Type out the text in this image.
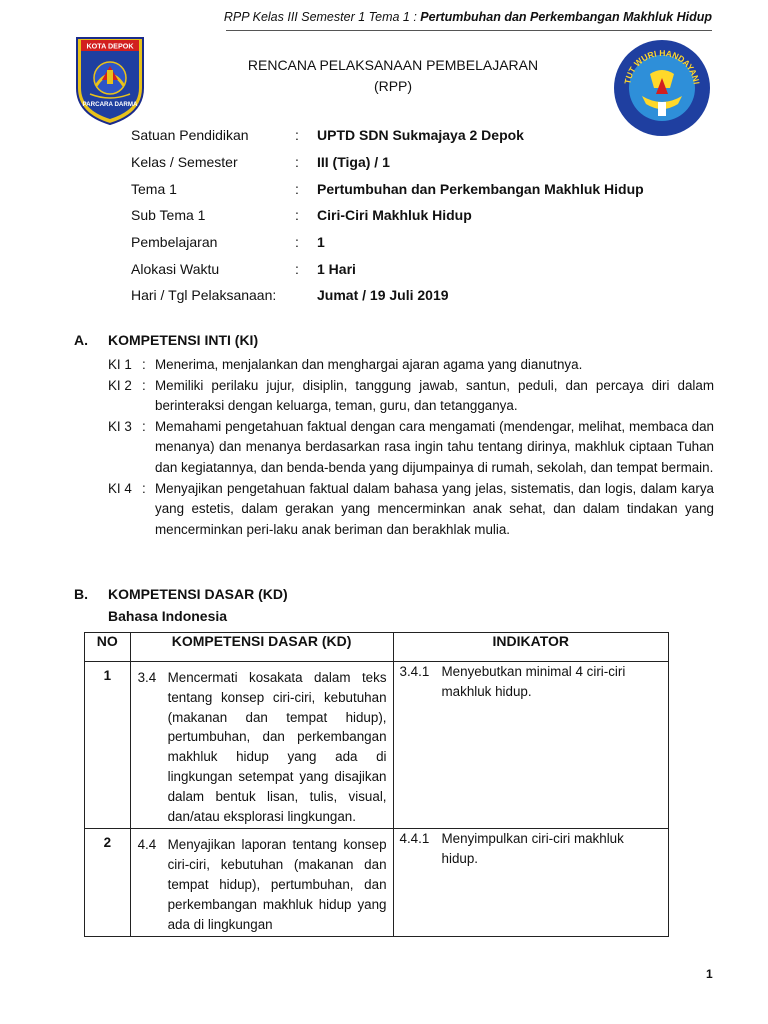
RPP Kelas III Semester 1 Tema 1 : Pertumbuhan dan Perkembangan Makhluk Hidup
KOTA DEPOK
PARCARA DARMA
TUT WURI HANDAYANI
RENCANA PELAKSANAAN PEMBELAJARAN
(RPP)
Satuan Pendidikan	:	UPTD SDN Sukmajaya 2 Depok
Kelas / Semester	:	III (Tiga) / 1
Tema 1	:	Pertumbuhan dan Perkembangan Makhluk Hidup
Sub Tema 1	:	Ciri-Ciri Makhluk Hidup
Pembelajaran	:	1
Alokasi Waktu	:	1 Hari
Hari / Tgl Pelaksanaan:		Jumat / 19 Juli 2019
A. KOMPETENSI INTI (KI)
KI 1 : Menerima, menjalankan dan menghargai ajaran agama yang dianutnya.
KI 2 : Memiliki perilaku jujur, disiplin, tanggung jawab, santun, peduli, dan percaya diri dalam berinteraksi dengan keluarga, teman, guru, dan tetangganya.
KI 3 : Memahami pengetahuan faktual dengan cara mengamati (mendengar, melihat, membaca dan menanya) dan menanya berdasarkan rasa ingin tahu tentang dirinya, makhluk ciptaan Tuhan dan kegiatannya, dan benda-benda yang dijumpainya di rumah, sekolah, dan tempat bermain.
KI 4 : Menyajikan pengetahuan faktual dalam bahasa yang jelas, sistematis, dan logis, dalam karya yang estetis, dalam gerakan yang mencerminkan anak sehat, dan dalam tindakan yang mencerminkan peri-laku anak beriman dan berakhlak mulia.
B. KOMPETENSI DASAR (KD)
Bahasa Indonesia
NO	KOMPETENSI DASAR (KD)	INDIKATOR
1	3.4 Mencermati kosakata dalam teks tentang konsep ciri-ciri, kebutuhan (makanan dan tempat hidup), pertumbuhan, dan perkembangan makhluk hidup yang ada di lingkungan setempat yang disajikan dalam bentuk lisan, tulis, visual, dan/atau eksplorasi lingkungan.	3.4.1 Menyebutkan minimal 4 ciri-ciri makhluk hidup.

2	4.4 Menyajikan laporan tentang konsep ciri-ciri, kebutuhan (makanan dan tempat hidup), pertumbuhan, dan perkembangan makhluk hidup yang ada di lingkungan	4.4.1 Menyimpulkan ciri-ciri makhluk hidup.
1
